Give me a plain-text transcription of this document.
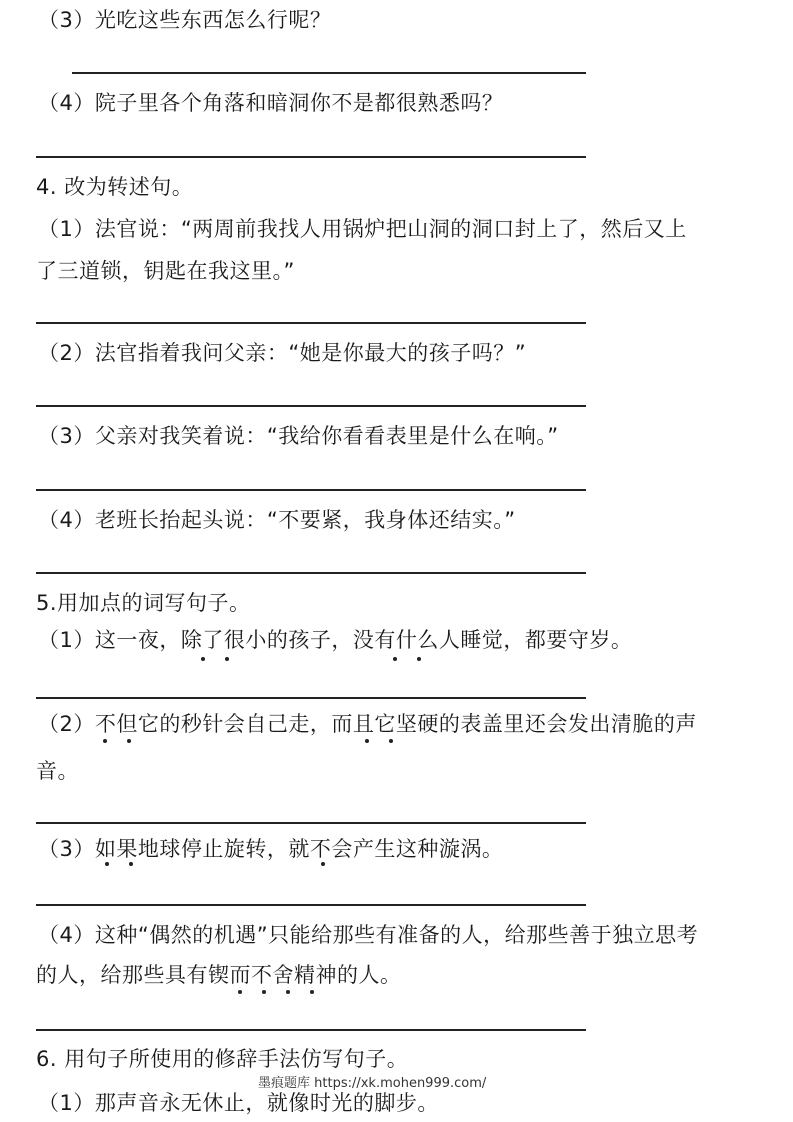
（3）光吃这些东西怎么行呢？
（4）院子里各个角落和暗洞你不是都很熟悉吗？
4. 改为转述句。
（1）法官说：“两周前我找人用锅炉把山洞的洞口封上了，然后又上
了三道锁，钥匙在我这里。”
（2）法官指着我问父亲：“她是你最大的孩子吗？”
（3）父亲对我笑着说：“我给你看看表里是什么在响。”
（4）老班长抬起头说：“不要紧，我身体还结实。”
5.用加点的词写句子。
（1）这一夜，除了很小的孩子，没有什么人睡觉，都要守岁。
（2）不但它的秒针会自己走，而且它坚硬的表盖里还会发出清脆的声
音。
（3）如果地球停止旋转，就不会产生这种漩涡。
（4）这种“偶然的机遇”只能给那些有准备的人，给那些善于独立思考
的人，给那些具有锲而不舍精神的人。
6. 用句子所使用的修辞手法仿写句子。
墨痕题库 https://xk.mohen999.com/
（1）那声音永无休止，就像时光的脚步。
